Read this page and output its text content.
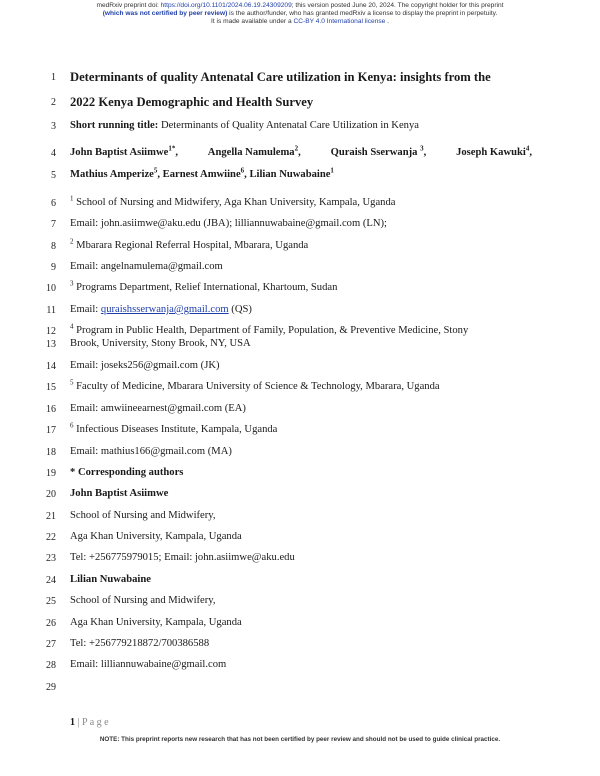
medRxiv preprint doi: https://doi.org/10.1101/2024.06.19.24309209; this version posted June 20, 2024. The copyright holder for this preprint
(which was not certified by peer review) is the author/funder, who has granted medRxiv a license to display the preprint in perpetuity.
It is made available under a CC-BY 4.0 International license .
1
2
3
4
5
6
7
8
9
10
11
12
13
14
15
16
17
18
19
20
21
22
23
24
25
26
27
28
29
Determinants of quality Antenatal Care utilization in Kenya: insights from the
2022 Kenya Demographic and Health Survey
Short running title: Determinants of Quality Antenatal Care Utilization in Kenya
John Baptist Asiimwe$^{1*}$,	Angella Namulema$^2$,	Quraish Sserwanja $^3$,	Joseph Kawuki$^4$,
Mathius Amperize$^5$, Earnest Amwiine$^6$, Lilian Nuwabaine$^1$
$^1$ School of Nursing and Midwifery, Aga Khan University, Kampala, Uganda
Email: john.asiimwe@aku.edu (JBA); lilliannuwabaine@gmail.com (LN);
$^2$ Mbarara Regional Referral Hospital, Mbarara, Uganda
Email: angelnamulema@gmail.com
$^3$ Programs Department, Relief International, Khartoum, Sudan
Email: quraishsserwanja@gmail.com (QS)
$^4$ Program in Public Health, Department of Family, Population, & Preventive Medicine, Stony
Brook, University, Stony Brook, NY, USA
Email: joseks256@gmail.com (JK)
$^5$ Faculty of Medicine, Mbarara University of Science & Technology, Mbarara, Uganda
Email: amwiineearnest@gmail.com (EA)
$^6$ Infectious Diseases Institute, Kampala, Uganda
Email: mathius166@gmail.com (MA)
* Corresponding authors
John Baptist Asiimwe
School of Nursing and Midwifery,
Aga Khan University, Kampala, Uganda
Tel: +256775979015; Email: john.asiimwe@aku.edu
Lilian Nuwabaine
School of Nursing and Midwifery,
Aga Khan University, Kampala, Uganda
Tel: +256779218872/700386588
Email: lilliannuwabaine@gmail.com
1 | P a g e
NOTE: This preprint reports new research that has not been certified by peer review and should not be used to guide clinical practice.
